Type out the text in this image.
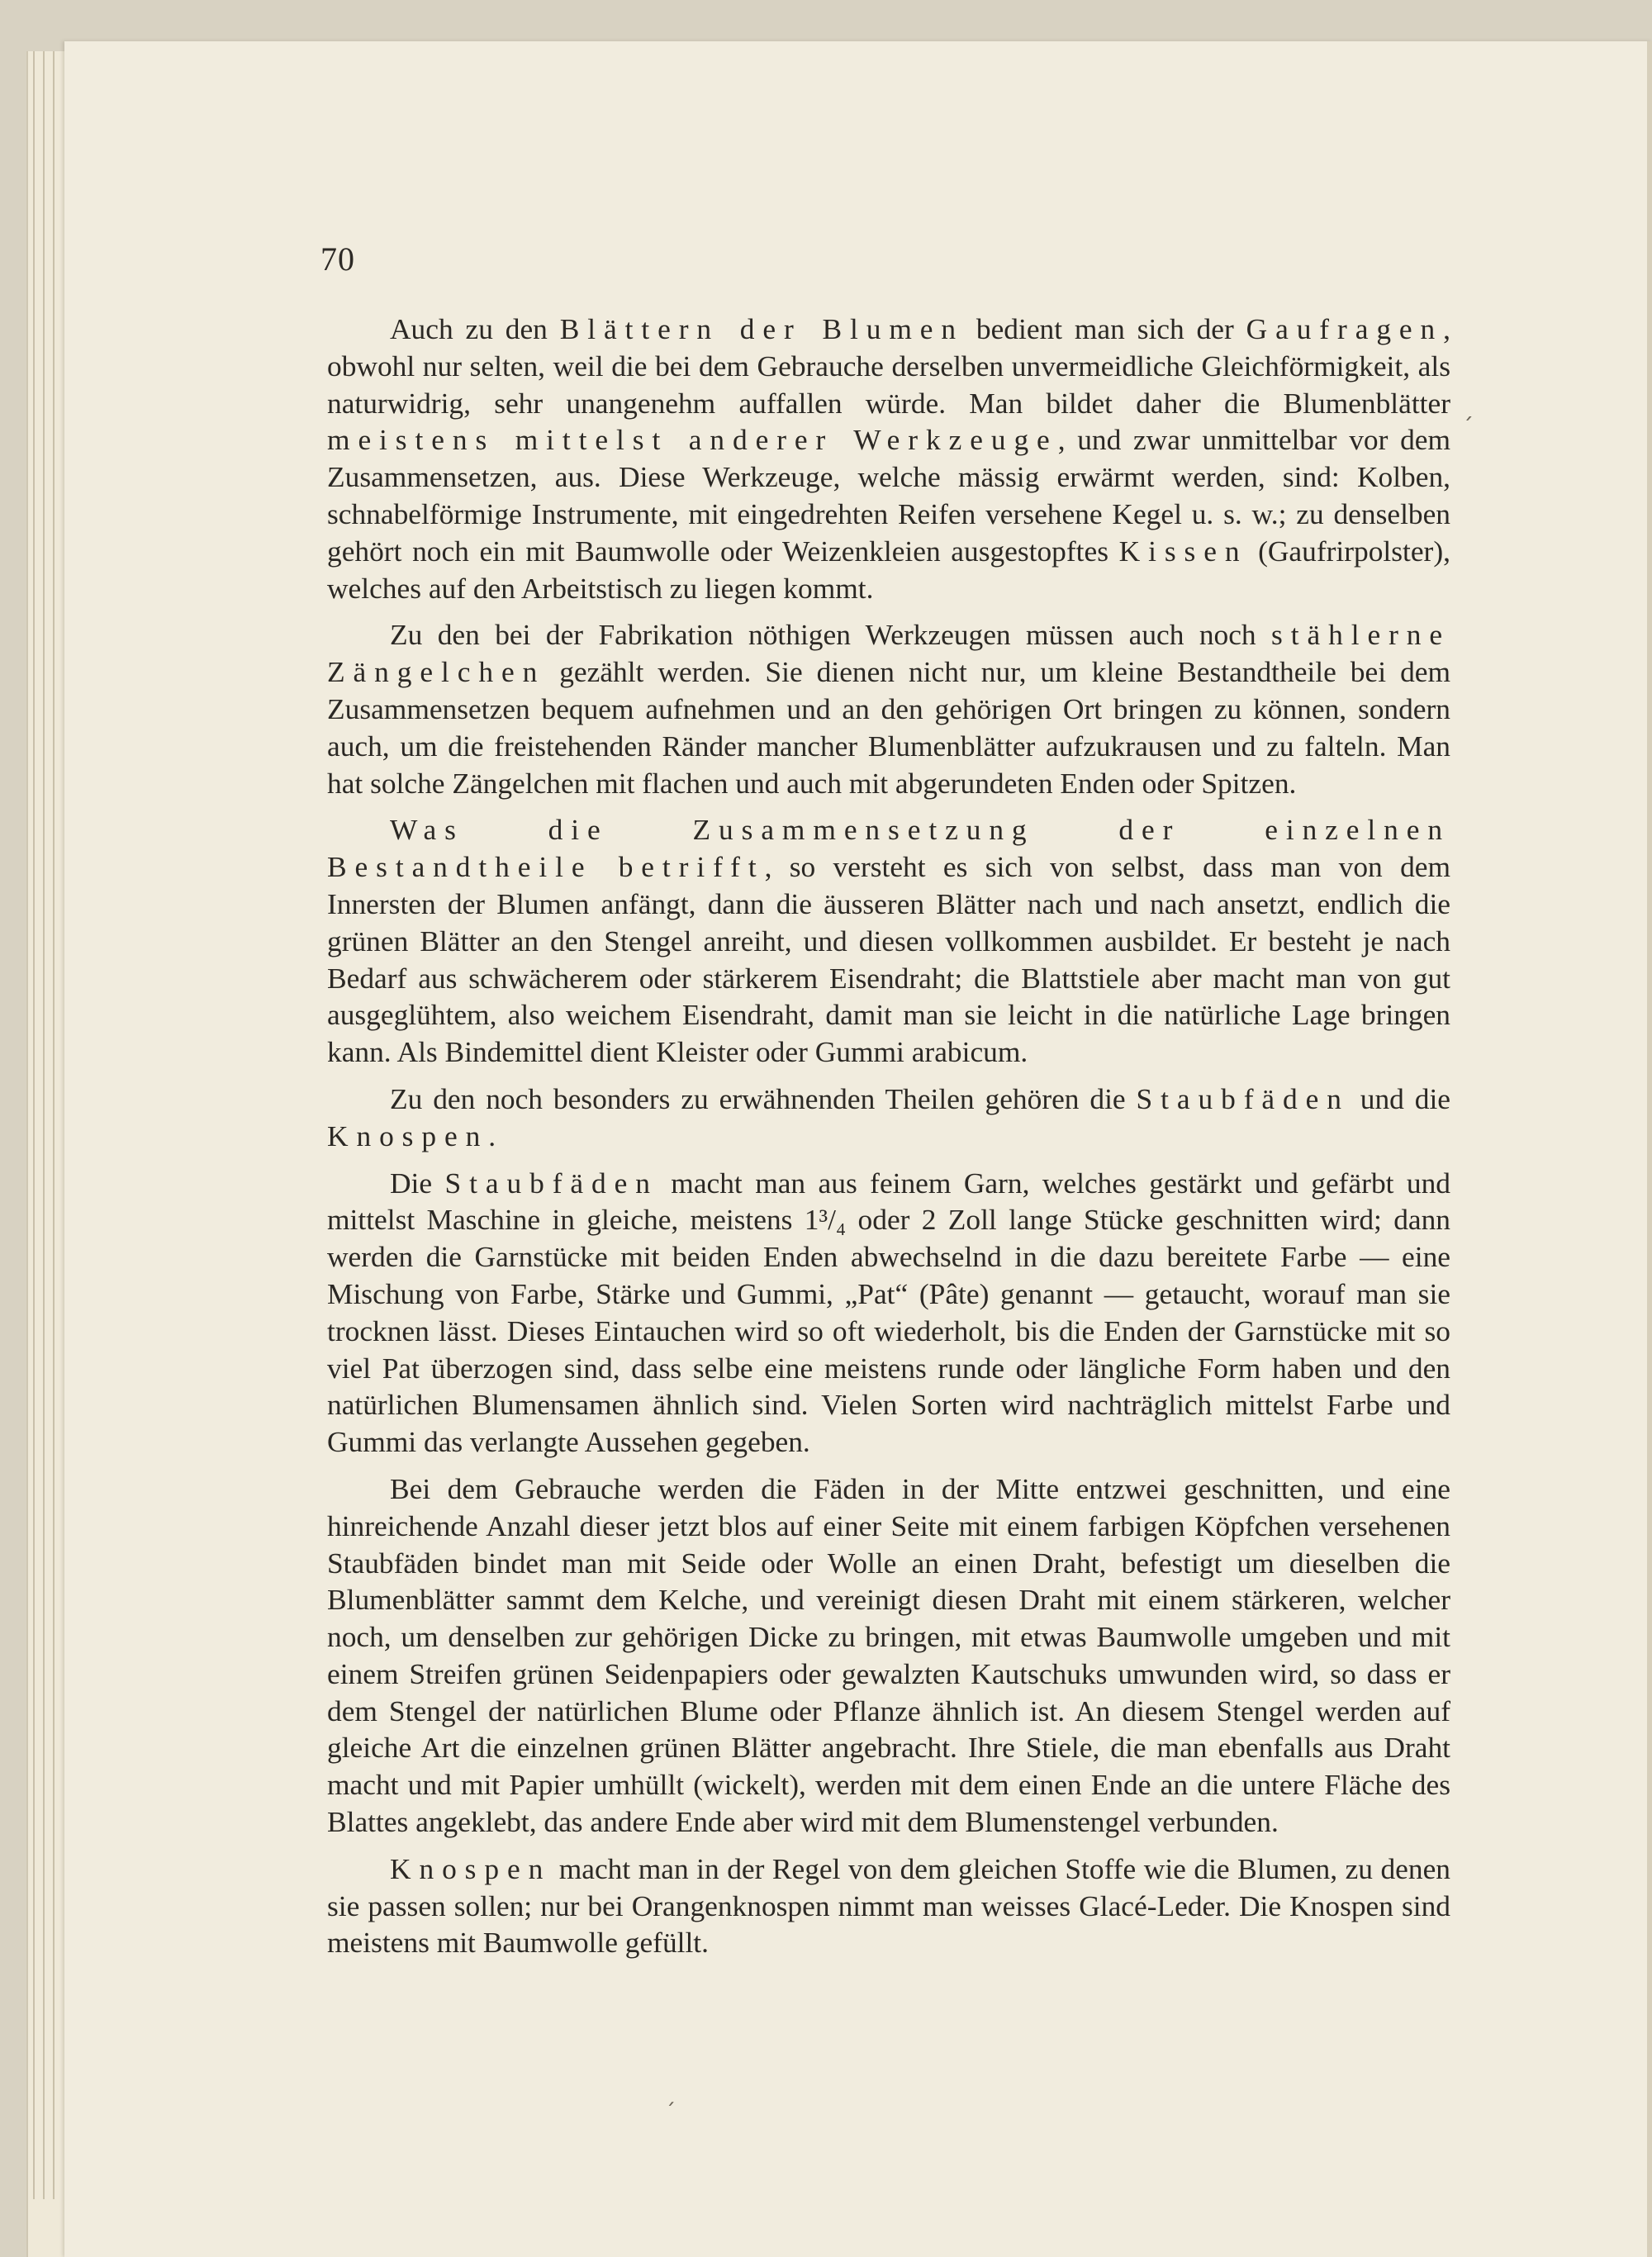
70

Auch zu den Blättern der Blumen bedient man sich der Gaufragen, obwohl nur selten, weil die bei dem Gebrauche derselben unvermeidliche Gleichförmigkeit, als naturwidrig, sehr unangenehm auffallen würde. Man bildet daher die Blumenblätter meistens mittelst anderer Werkzeuge, und zwar unmittelbar vor dem Zusammensetzen, aus. Diese Werkzeuge, welche mässig erwärmt werden, sind: Kolben, schnabelförmige Instrumente, mit eingedrehten Reifen versehene Kegel u. s. w.; zu denselben gehört noch ein mit Baumwolle oder Weizenkleien ausgestopftes Kissen (Gaufrirpolster), welches auf den Arbeitstisch zu liegen kommt.

Zu den bei der Fabrikation nöthigen Werkzeugen müssen auch noch stählerne Zängelchen gezählt werden. Sie dienen nicht nur, um kleine Bestandtheile bei dem Zusammensetzen bequem aufnehmen und an den gehörigen Ort bringen zu können, sondern auch, um die freistehenden Ränder mancher Blumenblätter aufzukrausen und zu falteln. Man hat solche Zängelchen mit flachen und auch mit abgerundeten Enden oder Spitzen.

Was die Zusammensetzung der einzelnen Bestandtheile betrifft, so versteht es sich von selbst, dass man von dem Innersten der Blumen anfängt, dann die äusseren Blätter nach und nach ansetzt, endlich die grünen Blätter an den Stengel anreiht, und diesen vollkommen ausbildet. Er besteht je nach Bedarf aus schwächerem oder stärkerem Eisendraht; die Blattstiele aber macht man von gut ausgeglühtem, also weichem Eisendraht, damit man sie leicht in die natürliche Lage bringen kann. Als Bindemittel dient Kleister oder Gummi arabicum.

Zu den noch besonders zu erwähnenden Theilen gehören die Staubfäden und die Knospen.

Die Staubfäden macht man aus feinem Garn, welches gestärkt und gefärbt und mittelst Maschine in gleiche, meistens 1³/₄ oder 2 Zoll lange Stücke geschnitten wird; dann werden die Garnstücke mit beiden Enden abwechselnd in die dazu bereitete Farbe — eine Mischung von Farbe, Stärke und Gummi, „Pat“ (Pâte) genannt — getaucht, worauf man sie trocknen lässt. Dieses Eintauchen wird so oft wiederholt, bis die Enden der Garnstücke mit so viel Pat überzogen sind, dass selbe eine meistens runde oder längliche Form haben und den natürlichen Blumensamen ähnlich sind. Vielen Sorten wird nachträglich mittelst Farbe und Gummi das verlangte Aussehen gegeben.

Bei dem Gebrauche werden die Fäden in der Mitte entzwei geschnitten, und eine hinreichende Anzahl dieser jetzt blos auf einer Seite mit einem farbigen Köpfchen versehenen Staubfäden bindet man mit Seide oder Wolle an einen Draht, befestigt um dieselben die Blumenblätter sammt dem Kelche, und vereinigt diesen Draht mit einem stärkeren, welcher noch, um denselben zur gehörigen Dicke zu bringen, mit etwas Baumwolle umgeben und mit einem Streifen grünen Seidenpapiers oder gewalzten Kautschuks umwunden wird, so dass er dem Stengel der natürlichen Blume oder Pflanze ähnlich ist. An diesem Stengel werden auf gleiche Art die einzelnen grünen Blätter angebracht. Ihre Stiele, die man ebenfalls aus Draht macht und mit Papier umhüllt (wickelt), werden mit dem einen Ende an die untere Fläche des Blattes angeklebt, das andere Ende aber wird mit dem Blumenstengel verbunden.

Knospen macht man in der Regel von dem gleichen Stoffe wie die Blumen, zu denen sie passen sollen; nur bei Orangenknospen nimmt man weisses Glacé-Leder. Die Knospen sind meistens mit Baumwolle gefüllt.

´
ˏ
